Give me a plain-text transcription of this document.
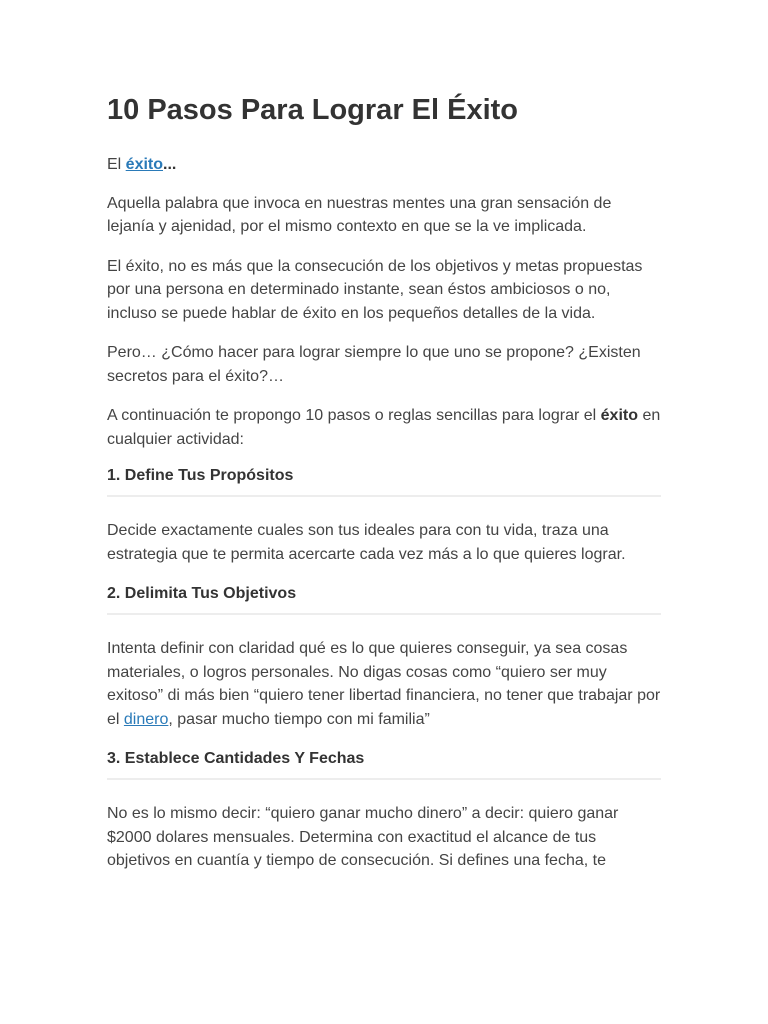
10 Pasos Para Lograr El Éxito

El éxito...

Aquella palabra que invoca en nuestras mentes una gran sensación de lejanía y ajenidad, por el mismo contexto en que se la ve implicada.

El éxito, no es más que la consecución de los objetivos y metas propuestas por una persona en determinado instante, sean éstos ambiciosos o no, incluso se puede hablar de éxito en los pequeños detalles de la vida.

Pero… ¿Cómo hacer para lograr siempre lo que uno se propone? ¿Existen secretos para el éxito?…

A continuación te propongo 10 pasos o reglas sencillas para lograr el éxito en cualquier actividad:

1. Define Tus Propósitos

Decide exactamente cuales son tus ideales para con tu vida, traza una estrategia que te permita acercarte cada vez más a lo que quieres lograr.

2. Delimita Tus Objetivos

Intenta definir con claridad qué es lo que quieres conseguir, ya sea cosas materiales, o logros personales. No digas cosas como “quiero ser muy exitoso” di más bien “quiero tener libertad financiera, no tener que trabajar por el dinero, pasar mucho tiempo con mi familia”

3. Establece Cantidades Y Fechas

No es lo mismo decir: “quiero ganar mucho dinero” a decir: quiero ganar $2000 dolares mensuales. Determina con exactitud el alcance de tus objetivos en cuantía y tiempo de consecución. Si defines una fecha, te
